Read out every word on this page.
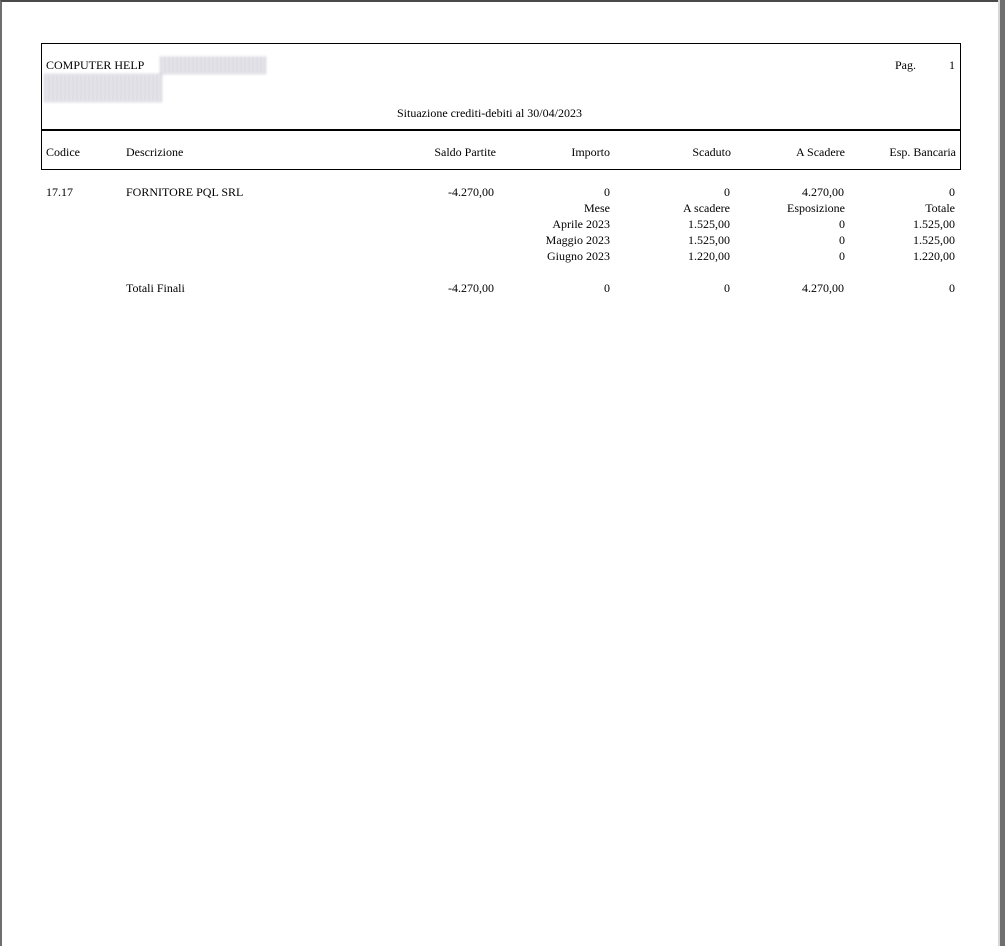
COMPUTER HELP	Pag.	1
Situazione crediti-debiti al 30/04/2023
Codice	Descrizione	Saldo Partite	Importo	Scaduto	A Scadere	Esp. Bancaria
17.17	FORNITORE PQL SRL	-4.270,00	0	0	4.270,00	0
Mese	A scadere	Esposizione	Totale
Aprile 2023	1.525,00	0	1.525,00
Maggio 2023	1.525,00	0	1.525,00
Giugno 2023	1.220,00	0	1.220,00
Totali Finali	-4.270,00	0	0	4.270,00	0
